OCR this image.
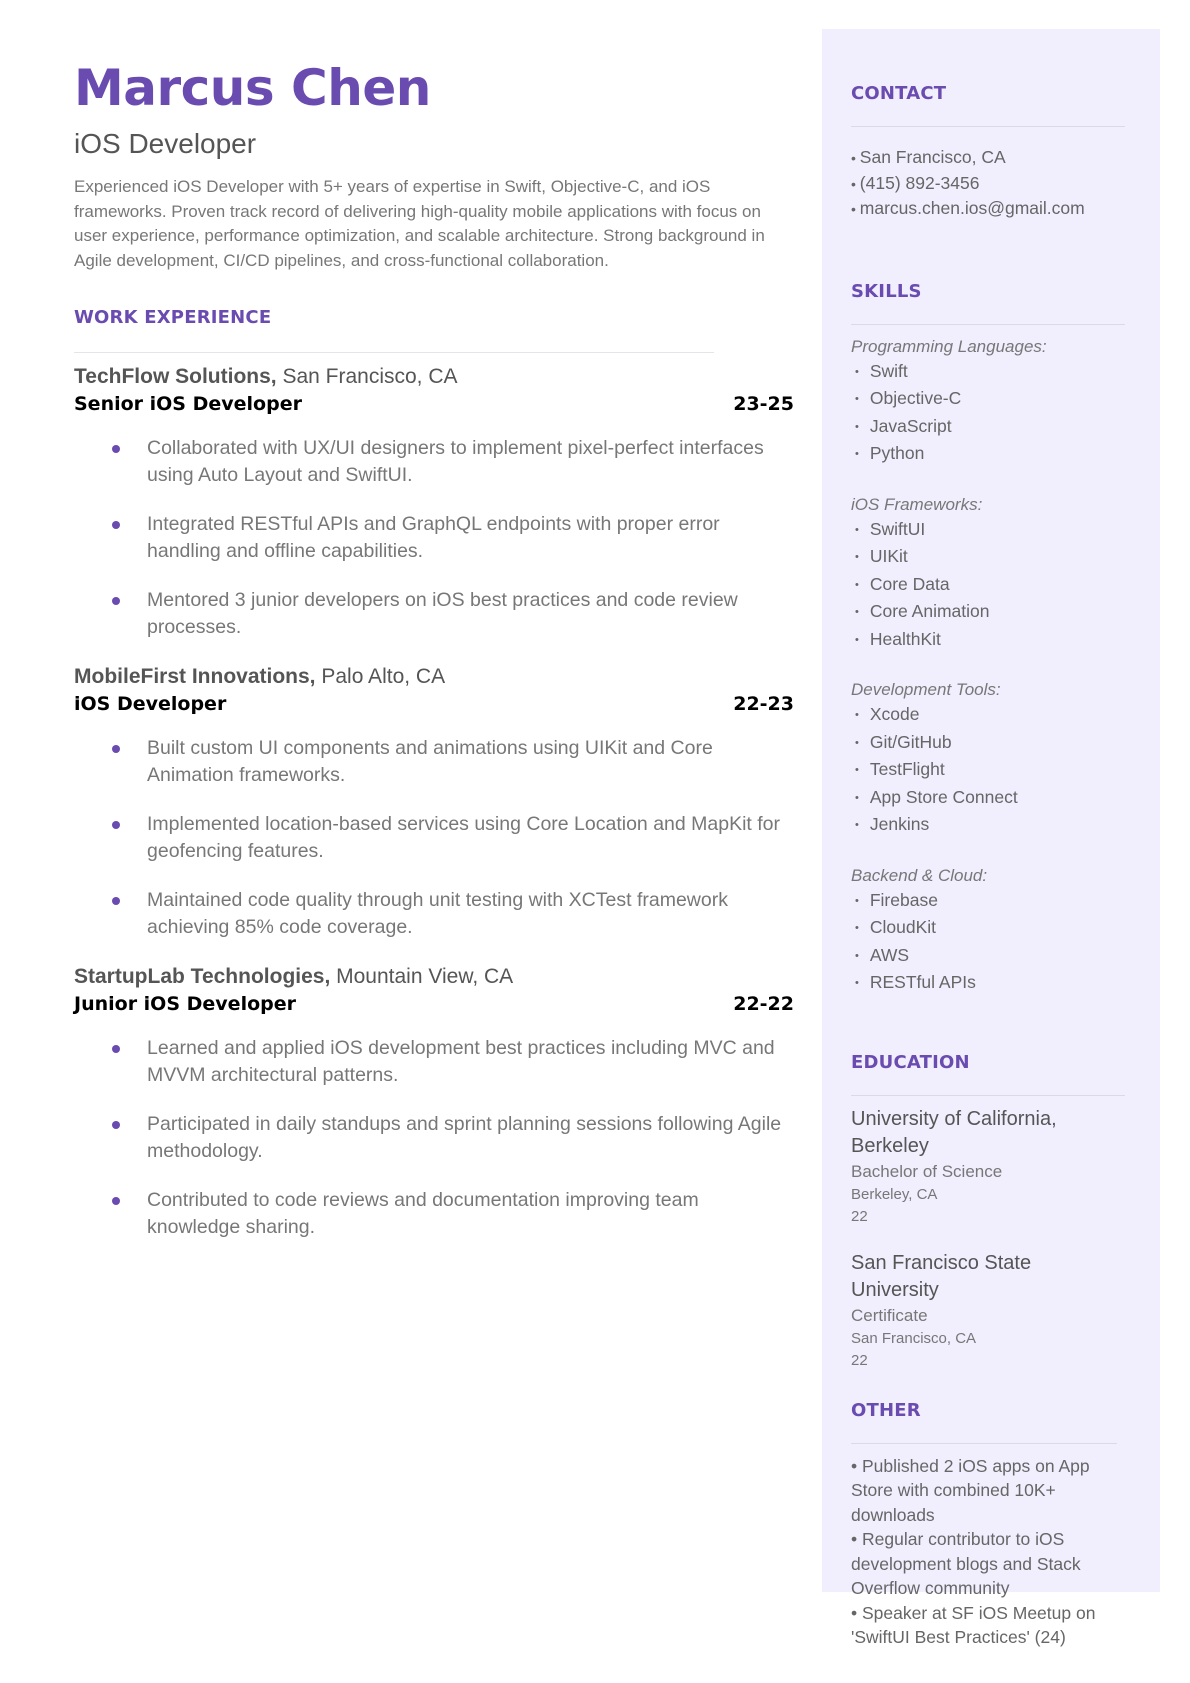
Marcus Chen
iOS Developer
Experienced iOS Developer with 5+ years of expertise in Swift, Objective-C, and iOS frameworks. Proven track record of delivering high-quality mobile applications with focus on user experience, performance optimization, and scalable architecture. Strong background in Agile development, CI/CD pipelines, and cross-functional collaboration.
WORK EXPERIENCE
TechFlow Solutions, San Francisco, CA
Senior iOS Developer	23-25
Collaborated with UX/UI designers to implement pixel-perfect interfaces using Auto Layout and SwiftUI.
Integrated RESTful APIs and GraphQL endpoints with proper error handling and offline capabilities.
Mentored 3 junior developers on iOS best practices and code review processes.
MobileFirst Innovations, Palo Alto, CA
iOS Developer	22-23
Built custom UI components and animations using UIKit and Core Animation frameworks.
Implemented location-based services using Core Location and MapKit for geofencing features.
Maintained code quality through unit testing with XCTest framework achieving 85% code coverage.
StartupLab Technologies, Mountain View, CA
Junior iOS Developer	22-22
Learned and applied iOS development best practices including MVC and MVVM architectural patterns.
Participated in daily standups and sprint planning sessions following Agile methodology.
Contributed to code reviews and documentation improving team knowledge sharing.
CONTACT
• San Francisco, CA
• (415) 892-3456
• marcus.chen.ios@gmail.com
SKILLS
Programming Languages:
• Swift
• Objective-C
• JavaScript
• Python
iOS Frameworks:
• SwiftUI
• UIKit
• Core Data
• Core Animation
• HealthKit
Development Tools:
• Xcode
• Git/GitHub
• TestFlight
• App Store Connect
• Jenkins
Backend & Cloud:
• Firebase
• CloudKit
• AWS
• RESTful APIs
EDUCATION
University of California, Berkeley
Bachelor of Science
Berkeley, CA
22
San Francisco State University
Certificate
San Francisco, CA
22
OTHER
• Published 2 iOS apps on App Store with combined 10K+ downloads
• Regular contributor to iOS development blogs and Stack Overflow community
• Speaker at SF iOS Meetup on 'SwiftUI Best Practices' (24)
